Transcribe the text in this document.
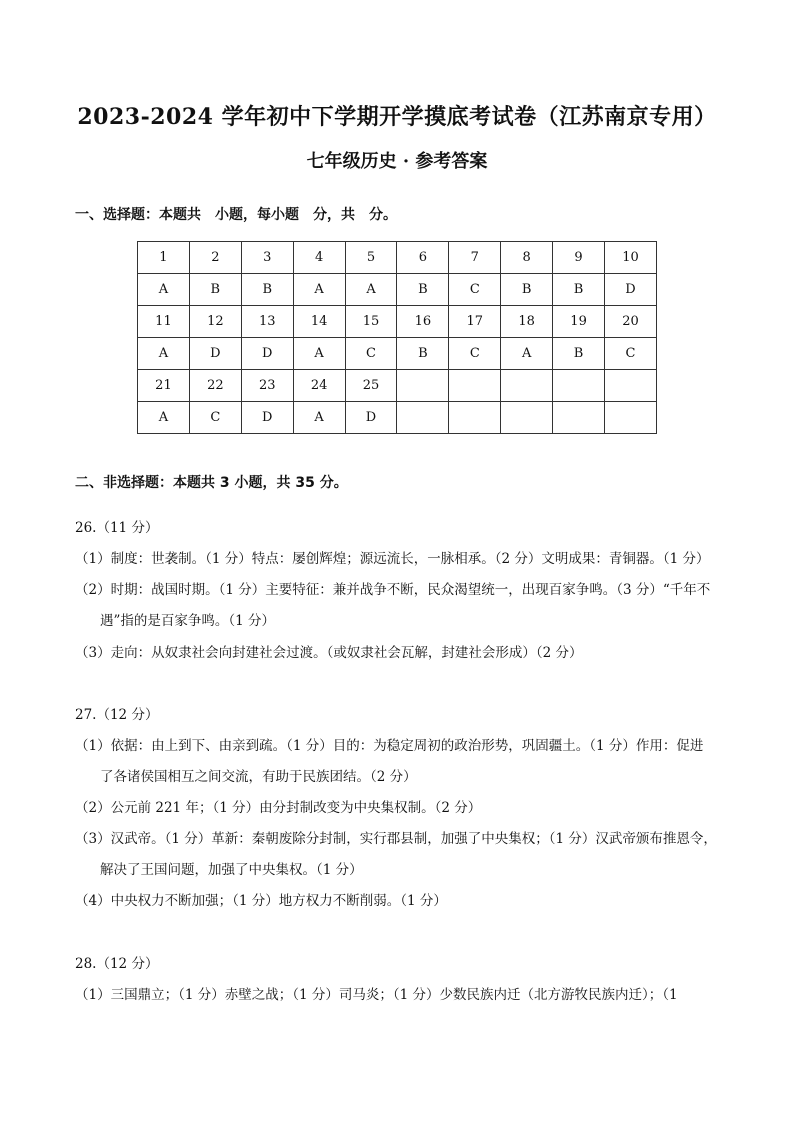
2023-2024 学年初中下学期开学摸底考试卷（江苏南京专用）
七年级历史 · 参考答案
一、选择题：本题共　小题，每小题　分，共　分。
1	2	3	4	5	6	7	8	9	10
A	B	B	A	A	B	C	B	B	D
11	12	13	14	15	16	17	18	19	20
A	D	D	A	C	B	C	A	B	C
21	22	23	24	25					
A	C	D	A	D					
二、非选择题：本题共 3 小题，共 35 分。
26.（11 分）
（1）制度：世袭制。（1 分）特点：屡创辉煌；源远流长，一脉相承。（2 分）文明成果：青铜器。（1 分）
（2）时期：战国时期。（1 分）主要特征：兼并战争不断，民众渴望统一，出现百家争鸣。（3 分）“千年不
遇”指的是百家争鸣。（1 分）
（3）走向：从奴隶社会向封建社会过渡。（或奴隶社会瓦解，封建社会形成）（2 分）
27.（12 分）
（1）依据：由上到下、由亲到疏。（1 分）目的：为稳定周初的政治形势，巩固疆土。（1 分）作用：促进
了各诸侯国相互之间交流，有助于民族团结。（2 分）
（2）公元前 221 年；（1 分）由分封制改变为中央集权制。（2 分）
（3）汉武帝。（1 分）革新：秦朝废除分封制，实行郡县制，加强了中央集权；（1 分）汉武帝颁布推恩令，
解决了王国问题，加强了中央集权。（1 分）
（4）中央权力不断加强；（1 分）地方权力不断削弱。（1 分）
28.（12 分）
（1）三国鼎立；（1 分）赤壁之战；（1 分）司马炎；（1 分）少数民族内迁（北方游牧民族内迁）；（1
